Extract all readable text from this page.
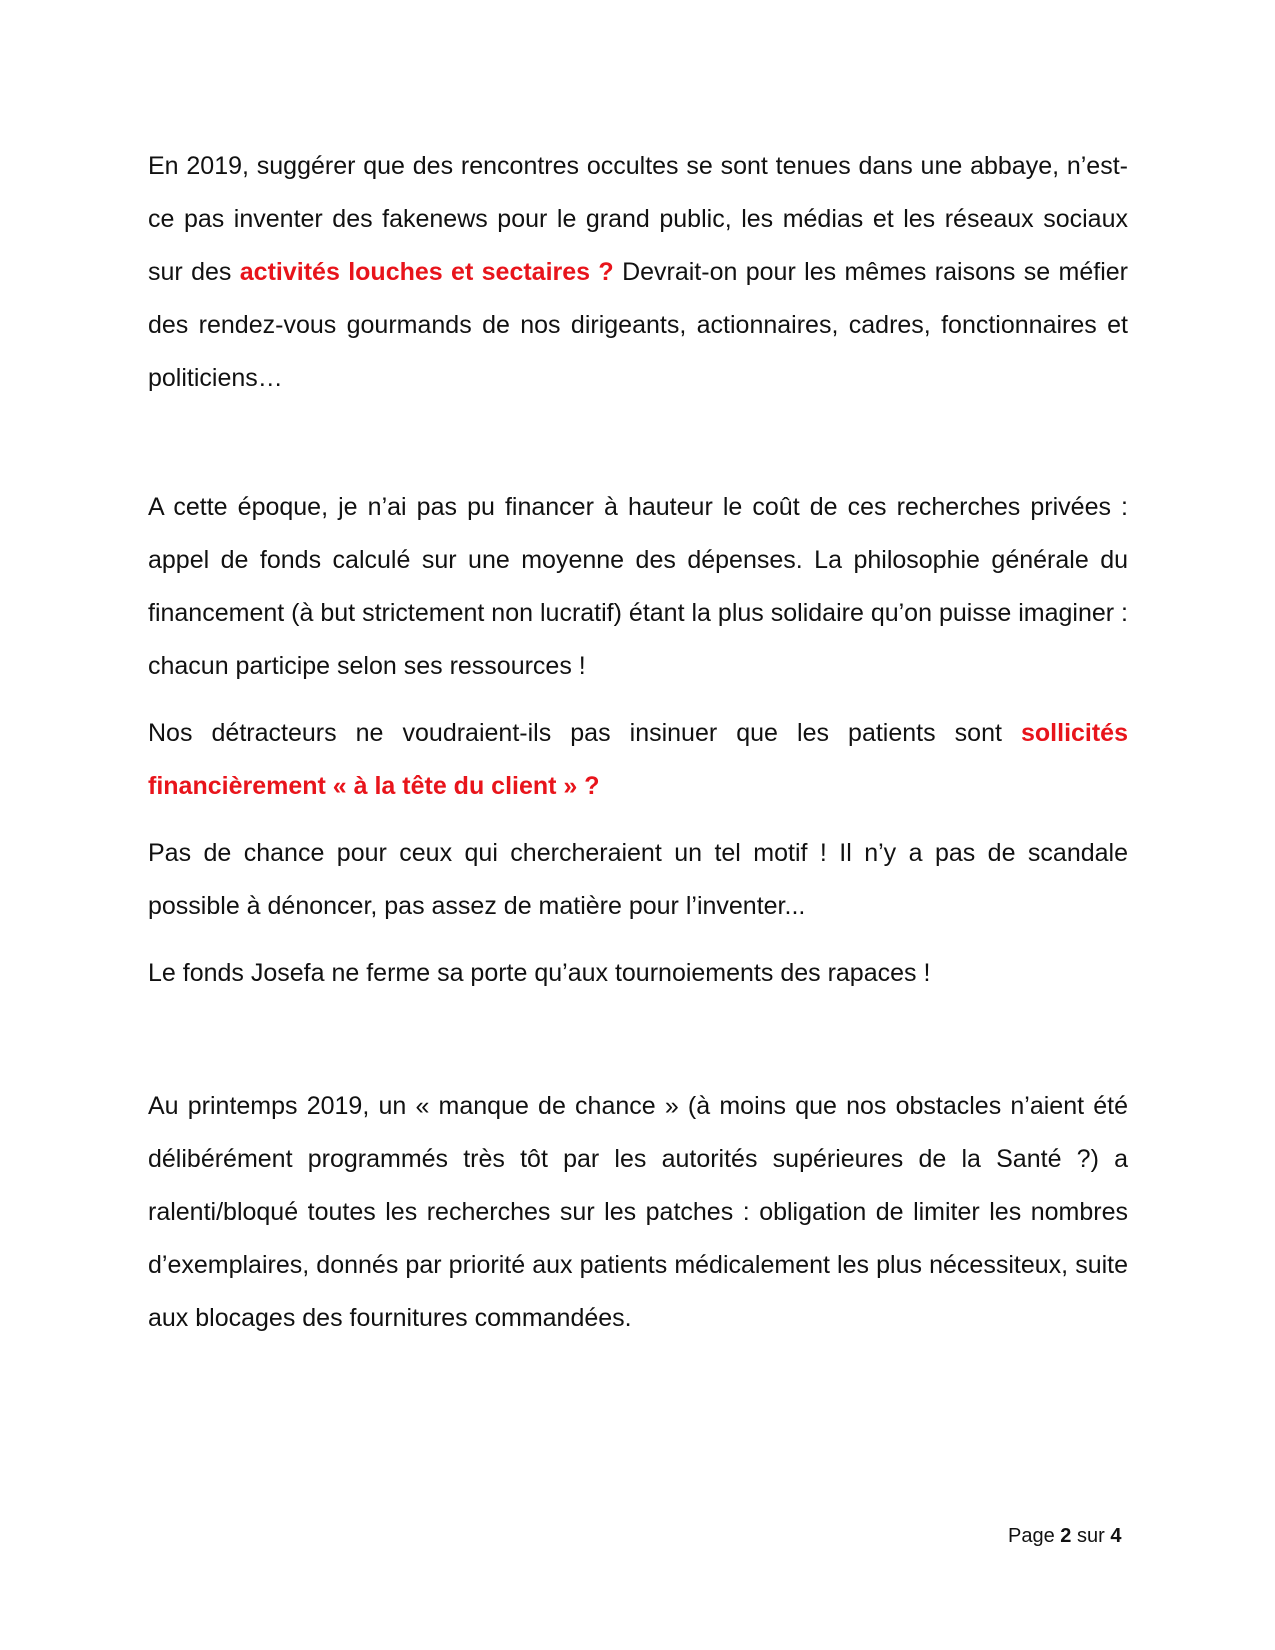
En 2019, suggérer que des rencontres occultes se sont tenues dans une abbaye, n’est-ce pas inventer des fakenews pour le grand public, les médias et les réseaux sociaux sur des activités louches et sectaires ? Devrait-on pour les mêmes raisons se méfier des rendez-vous gourmands de nos dirigeants, actionnaires, cadres, fonctionnaires et politiciens…

A cette époque, je n’ai pas pu financer à hauteur le coût de ces recherches privées : appel de fonds calculé sur une moyenne des dépenses. La philosophie générale du financement (à but strictement non lucratif) étant la plus solidaire qu’on puisse imaginer : chacun participe selon ses ressources !

Nos détracteurs ne voudraient-ils pas insinuer que les patients sont sollicités financièrement « à la tête du client » ?

Pas de chance pour ceux qui chercheraient un tel motif ! Il n’y a pas de scandale possible à dénoncer, pas assez de matière pour l’inventer...

Le fonds Josefa ne ferme sa porte qu’aux tournoiements des rapaces !

Au printemps 2019, un « manque de chance » (à moins que nos obstacles n’aient été délibérément programmés très tôt par les autorités supérieures de la Santé ?) a ralenti/bloqué toutes les recherches sur les patches : obligation de limiter les nombres d’exemplaires, donnés par priorité aux patients médicalement les plus nécessiteux, suite aux blocages des fournitures commandées.

Page 2 sur 4
